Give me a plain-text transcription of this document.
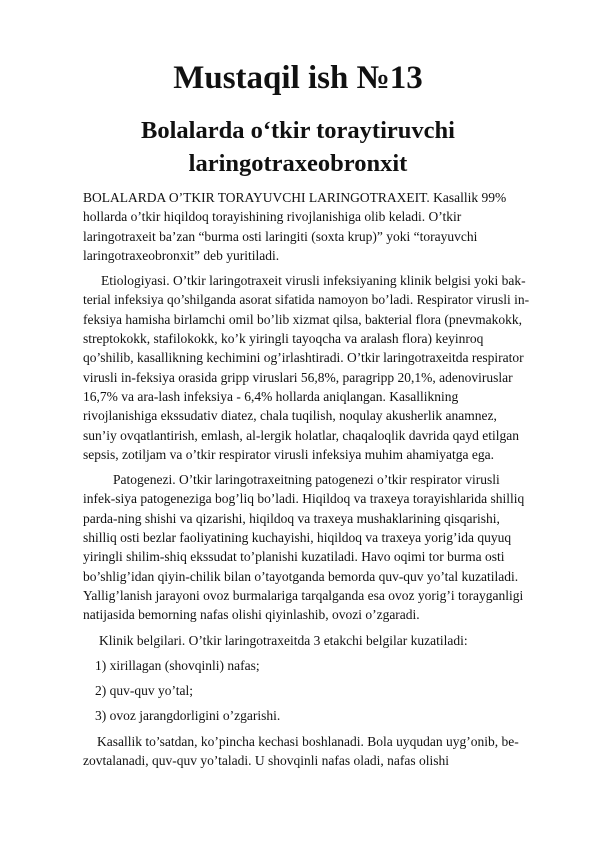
Mustaqil ish №13
Bolalarda o‘tkir toraytiruvchi
laringotraxeobronxit

BOLALARDA O’TKIR TORAYUVCHI LARINGOTRAXEIT. Kasallik 99% hollarda o’tkir hiqildoq torayishining rivojlanishiga olib keladi. O’tkir laringotraxeit ba’zan “burma osti laringiti (soxta krup)” yoki “torayuvchi laringotraxeobronxit” deb yuritiladi.

Etiologiyasi. O’tkir laringotraxeit virusli infeksiyaning klinik belgisi yoki bak-terial infeksiya qo’shilganda asorat sifatida namoyon bo’ladi. Respirator virusli in-feksiya hamisha birlamchi omil bo’lib xizmat qilsa, bakterial flora (pnevmakokk, streptokokk, stafilokokk, ko’k yiringli tayoqcha va aralash flora) keyinroq qo’shilib, kasallikning kechimini og’irlashtiradi. O’tkir laringotraxeitda respirator virusli in-feksiya orasida gripp viruslari 56,8%, paragripp 20,1%, adenoviruslar 16,7% va ara-lash infeksiya - 6,4% hollarda aniqlangan. Kasallikning rivojlanishiga ekssudativ diatez, chala tuqilish, noqulay akusherlik anamnez, sun’iy ovqatlantirish, emlash, al-lergik holatlar, chaqaloqlik davrida qayd etilgan sepsis, zotiljam va o’tkir respirator virusli infeksiya muhim ahamiyatga ega.

Patogenezi. O’tkir laringotraxeitning patogenezi o’tkir respirator virusli infek-siya patogeneziga bog’liq bo’ladi. Hiqildoq va traxeya torayishlarida shilliq parda-ning shishi va qizarishi, hiqildoq va traxeya mushaklarining qisqarishi, shilliq osti bezlar faoliyatining kuchayishi, hiqildoq va traxeya yorig’ida quyuq yiringli shilim-shiq ekssudat to’planishi kuzatiladi. Havo oqimi tor burma osti bo’shlig’idan qiyin-chilik bilan o’tayotganda bemorda quv-quv yo’tal kuzatiladi. Yallig’lanish jarayoni ovoz burmalariga tarqalganda esa ovoz yorig’i torayganligi natijasida bemorning nafas olishi qiyinlashib, ovozi o’zgaradi.

Klinik belgilari. O’tkir laringotraxeitda 3 etakchi belgilar kuzatiladi:

1) xirillagan (shovqinli) nafas;

2) quv-quv yo’tal;

3) ovoz jarangdorligini o’zgarishi.

Kasallik to’satdan, ko’pincha kechasi boshlanadi. Bola uyqudan uyg’onib, be-zovtalanadi, quv-quv yo’taladi. U shovqinli nafas oladi, nafas olishi
